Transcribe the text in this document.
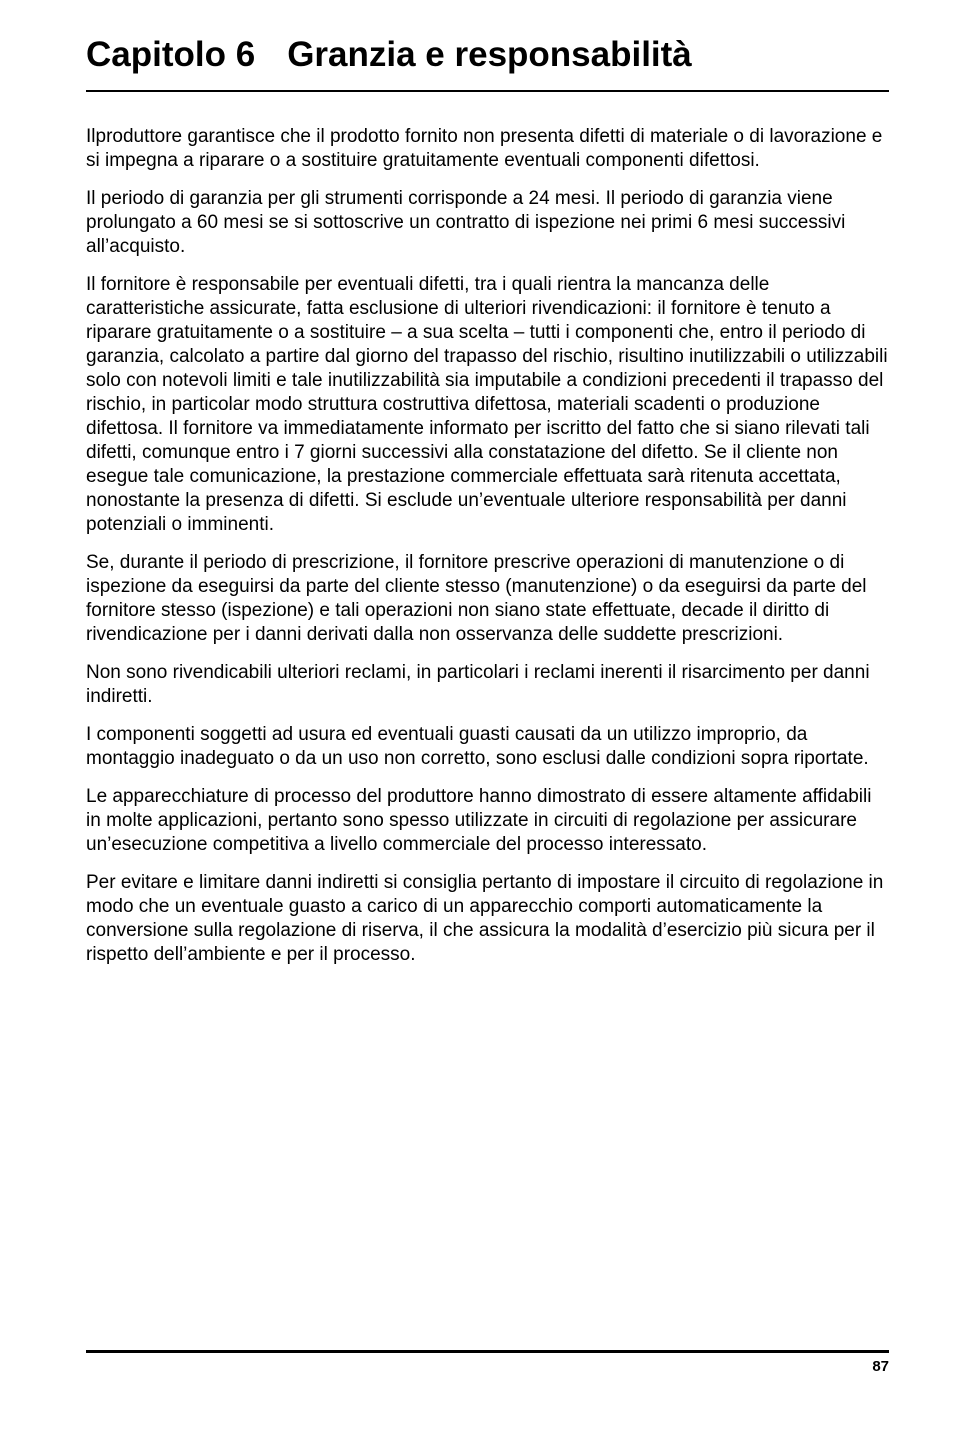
Capitolo 6 Granzia e responsabilità

Ilproduttore garantisce che il prodotto fornito non presenta difetti di materiale o di lavorazione e si impegna a riparare o a sostituire gratuitamente eventuali componenti difettosi.

Il periodo di garanzia per gli strumenti corrisponde a 24 mesi. Il periodo di garanzia viene prolungato a 60 mesi se si sottoscrive un contratto di ispezione nei primi 6 mesi successivi all’acquisto.

Il fornitore è responsabile per eventuali difetti, tra i quali rientra la mancanza delle caratteristiche assicurate, fatta esclusione di ulteriori rivendicazioni: il fornitore è tenuto a riparare gratuitamente o a sostituire – a sua scelta – tutti i componenti che, entro il periodo di garanzia, calcolato a partire dal giorno del trapasso del rischio, risultino inutilizzabili o utilizzabili solo con notevoli limiti e tale inutilizzabilità sia imputabile a condizioni precedenti il trapasso del rischio, in particolar modo struttura costruttiva difettosa, materiali scadenti o produzione difettosa. Il fornitore va immediatamente informato per iscritto del fatto che si siano rilevati tali difetti, comunque entro i 7 giorni successivi alla constatazione del difetto. Se il cliente non esegue tale comunicazione, la prestazione commerciale effettuata sarà ritenuta accettata, nonostante la presenza di difetti. Si esclude un’eventuale ulteriore responsabilità per danni potenziali o imminenti.

Se, durante il periodo di prescrizione, il fornitore prescrive operazioni di manutenzione o di ispezione da eseguirsi da parte del cliente stesso (manutenzione) o da eseguirsi da parte del fornitore stesso (ispezione) e tali operazioni non siano state effettuate, decade il diritto di rivendicazione per i danni derivati dalla non osservanza delle suddette prescrizioni.

Non sono rivendicabili ulteriori reclami, in particolari i reclami inerenti il risarcimento per danni indiretti.

I componenti soggetti ad usura ed eventuali guasti causati da un utilizzo improprio, da montaggio inadeguato o da un uso non corretto, sono esclusi dalle condizioni sopra riportate.

Le apparecchiature di processo del produttore hanno dimostrato di essere altamente affidabili in molte applicazioni, pertanto sono spesso utilizzate in circuiti di regolazione per assicurare un’esecuzione competitiva a livello commerciale del processo interessato.

Per evitare e limitare danni indiretti si consiglia pertanto di impostare il circuito di regolazione in modo che un eventuale guasto a carico di un apparecchio comporti automaticamente la conversione sulla regolazione di riserva, il che assicura la modalità d’esercizio più sicura per il rispetto dell’ambiente e per il processo.

87
